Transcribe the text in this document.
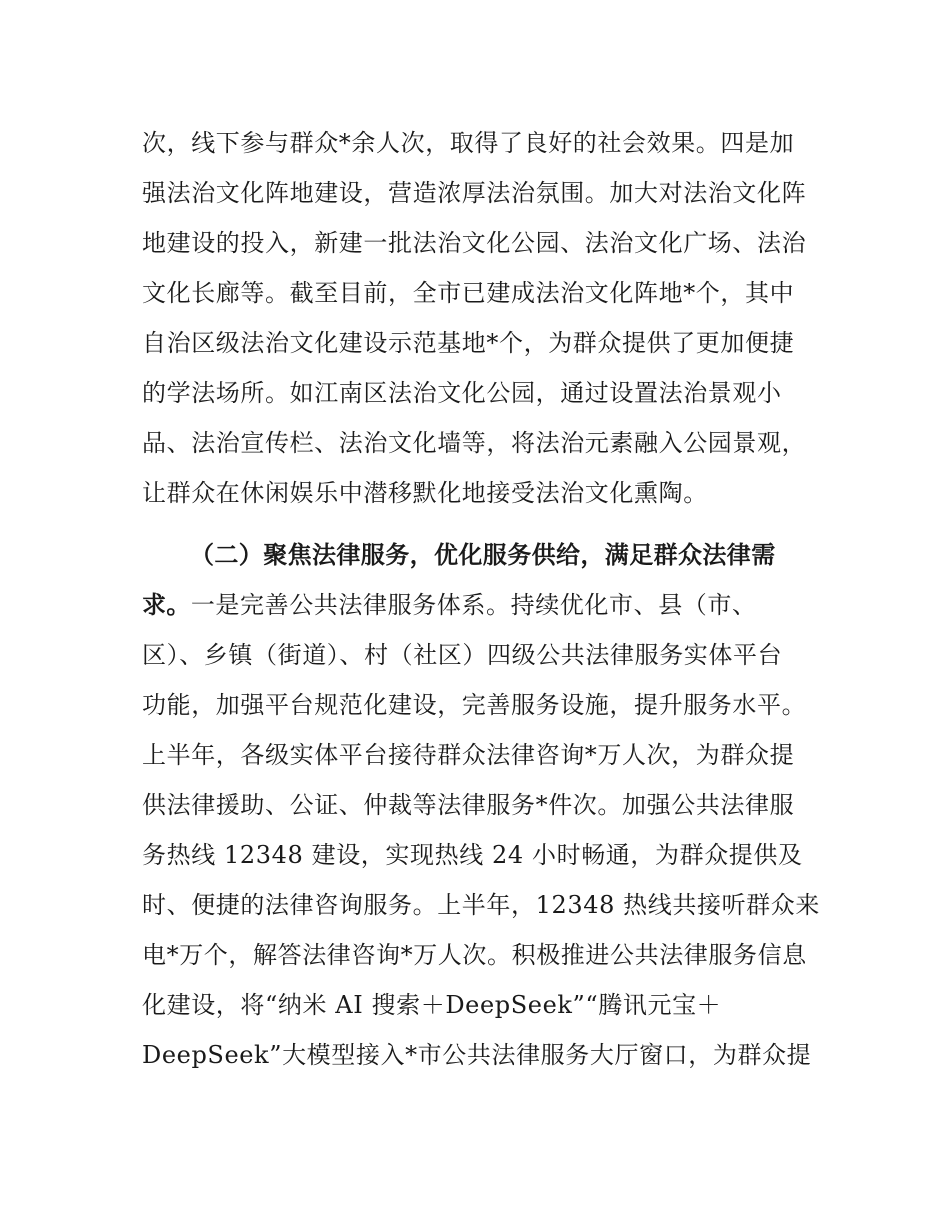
次，线下参与群众*余人次，取得了良好的社会效果。四是加
强法治文化阵地建设，营造浓厚法治氛围。加大对法治文化阵
地建设的投入，新建一批法治文化公园、法治文化广场、法治
文化长廊等。截至目前，全市已建成法治文化阵地*个，其中
自治区级法治文化建设示范基地*个，为群众提供了更加便捷
的学法场所。如江南区法治文化公园，通过设置法治景观小
品、法治宣传栏、法治文化墙等，将法治元素融入公园景观，
让群众在休闲娱乐中潜移默化地接受法治文化熏陶。
（二）聚焦法律服务，优化服务供给，满足群众法律需
求。一是完善公共法律服务体系。持续优化市、县（市、
区）、乡镇（街道）、村（社区）四级公共法律服务实体平台
功能，加强平台规范化建设，完善服务设施，提升服务水平。
上半年，各级实体平台接待群众法律咨询*万人次，为群众提
供法律援助、公证、仲裁等法律服务*件次。加强公共法律服
务热线 12348 建设，实现热线 24 小时畅通，为群众提供及
时、便捷的法律咨询服务。上半年，12348 热线共接听群众来
电*万个，解答法律咨询*万人次。积极推进公共法律服务信息
化建设，将“纳米 AI 搜索＋DeepSeek”“腾讯元宝＋
DeepSeek”大模型接入*市公共法律服务大厅窗口，为群众提
